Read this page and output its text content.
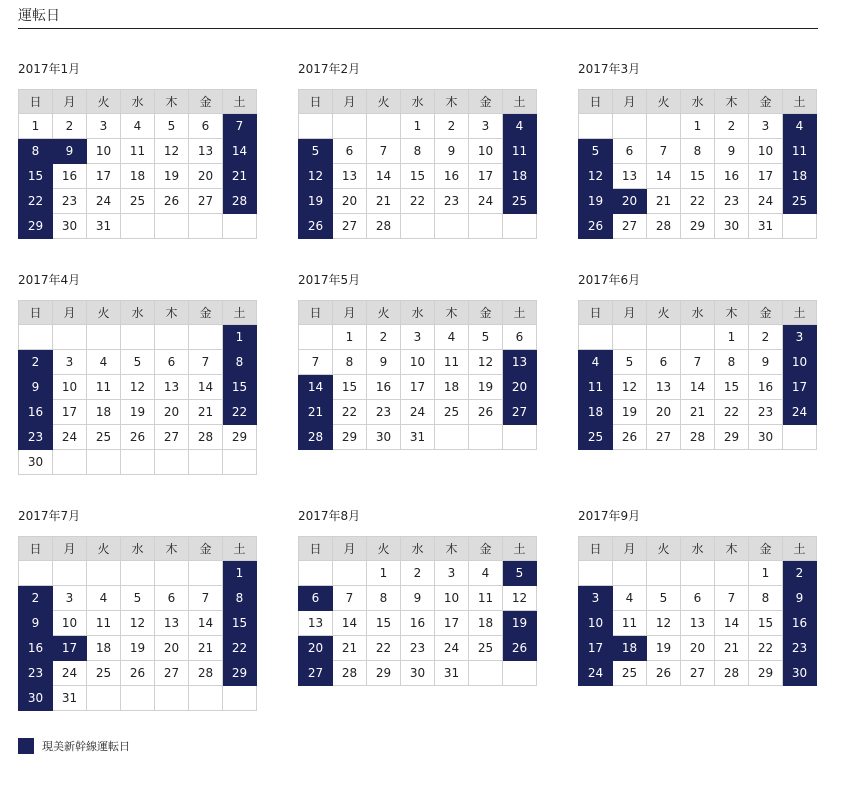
運転日
2017年1月
日	月	火	水	木	金	土
1	2	3	4	5	6	7
8	9	10	11	12	13	14
15	16	17	18	19	20	21
22	23	24	25	26	27	28
29	30	31				
2017年2月
日	月	火	水	木	金	土
			1	2	3	4
5	6	7	8	9	10	11
12	13	14	15	16	17	18
19	20	21	22	23	24	25
26	27	28				
2017年3月
日	月	火	水	木	金	土
			1	2	3	4
5	6	7	8	9	10	11
12	13	14	15	16	17	18
19	20	21	22	23	24	25
26	27	28	29	30	31	
2017年4月
日	月	火	水	木	金	土
						1
2	3	4	5	6	7	8
9	10	11	12	13	14	15
16	17	18	19	20	21	22
23	24	25	26	27	28	29
30						
2017年5月
日	月	火	水	木	金	土
	1	2	3	4	5	6
7	8	9	10	11	12	13
14	15	16	17	18	19	20
21	22	23	24	25	26	27
28	29	30	31			
2017年6月
日	月	火	水	木	金	土
				1	2	3
4	5	6	7	8	9	10
11	12	13	14	15	16	17
18	19	20	21	22	23	24
25	26	27	28	29	30	
2017年7月
日	月	火	水	木	金	土
						1
2	3	4	5	6	7	8
9	10	11	12	13	14	15
16	17	18	19	20	21	22
23	24	25	26	27	28	29
30	31					
2017年8月
日	月	火	水	木	金	土
		1	2	3	4	5
6	7	8	9	10	11	12
13	14	15	16	17	18	19
20	21	22	23	24	25	26
27	28	29	30	31		
2017年9月
日	月	火	水	木	金	土
					1	2
3	4	5	6	7	8	9
10	11	12	13	14	15	16
17	18	19	20	21	22	23
24	25	26	27	28	29	30
現美新幹線運転日
